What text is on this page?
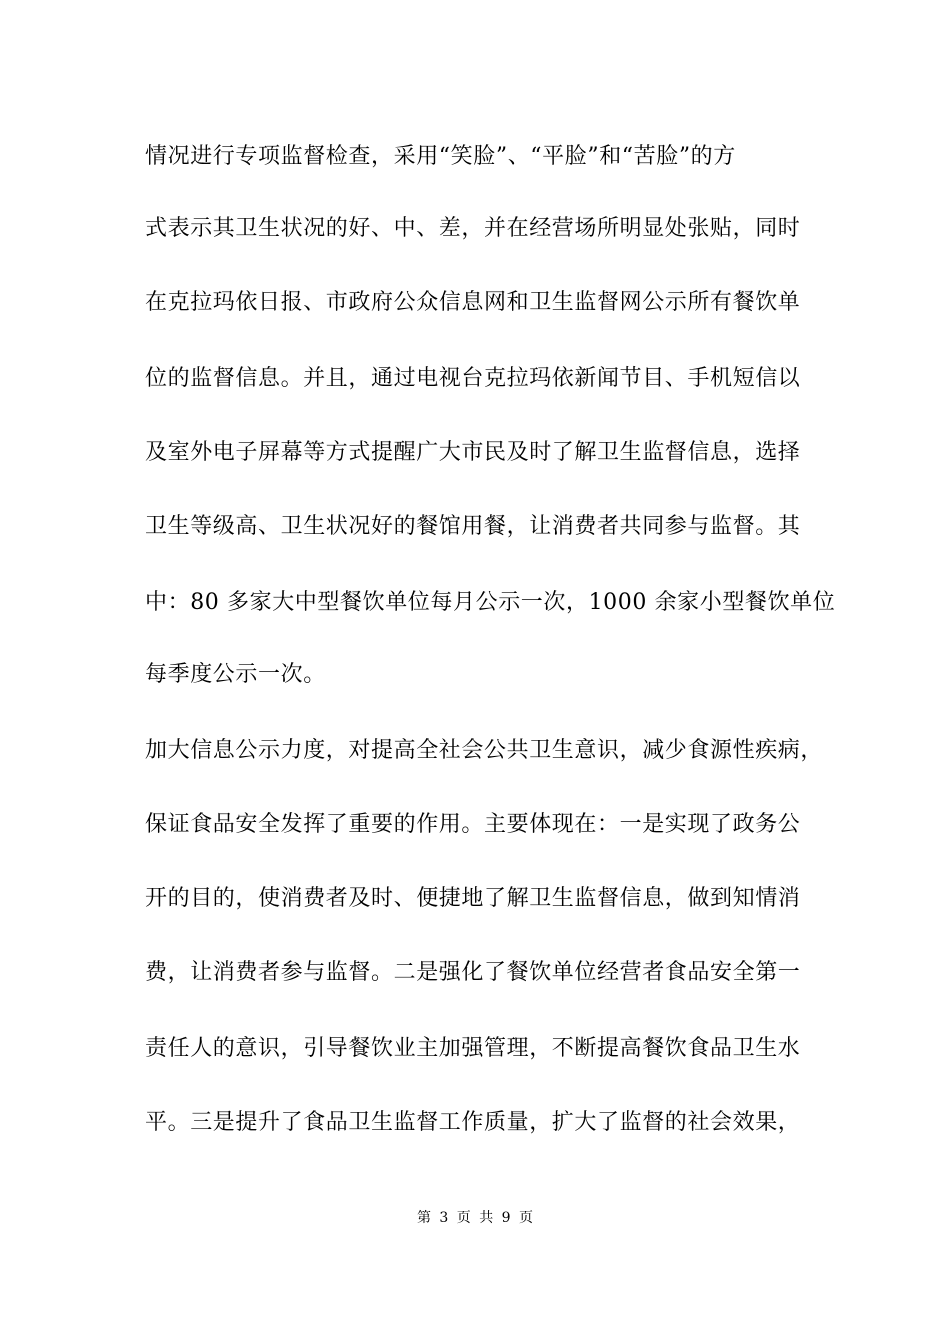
情况进行专项监督检查，采用“笑脸”、“平脸”和“苦脸”的方
式表示其卫生状况的好、中、差，并在经营场所明显处张贴，同时
在克拉玛依日报、市政府公众信息网和卫生监督网公示所有餐饮单
位的监督信息。并且，通过电视台克拉玛依新闻节目、手机短信以
及室外电子屏幕等方式提醒广大市民及时了解卫生监督信息，选择
卫生等级高、卫生状况好的餐馆用餐，让消费者共同参与监督。其
中：80 多家大中型餐饮单位每月公示一次，1000 余家小型餐饮单位
每季度公示一次。
加大信息公示力度，对提高全社会公共卫生意识，减少食源性疾病，
保证食品安全发挥了重要的作用。主要体现在：一是实现了政务公
开的目的，使消费者及时、便捷地了解卫生监督信息，做到知情消
费，让消费者参与监督。二是强化了餐饮单位经营者食品安全第一
责任人的意识，引导餐饮业主加强管理，不断提高餐饮食品卫生水
平。三是提升了食品卫生监督工作质量，扩大了监督的社会效果，
第 3 页 共 9 页
